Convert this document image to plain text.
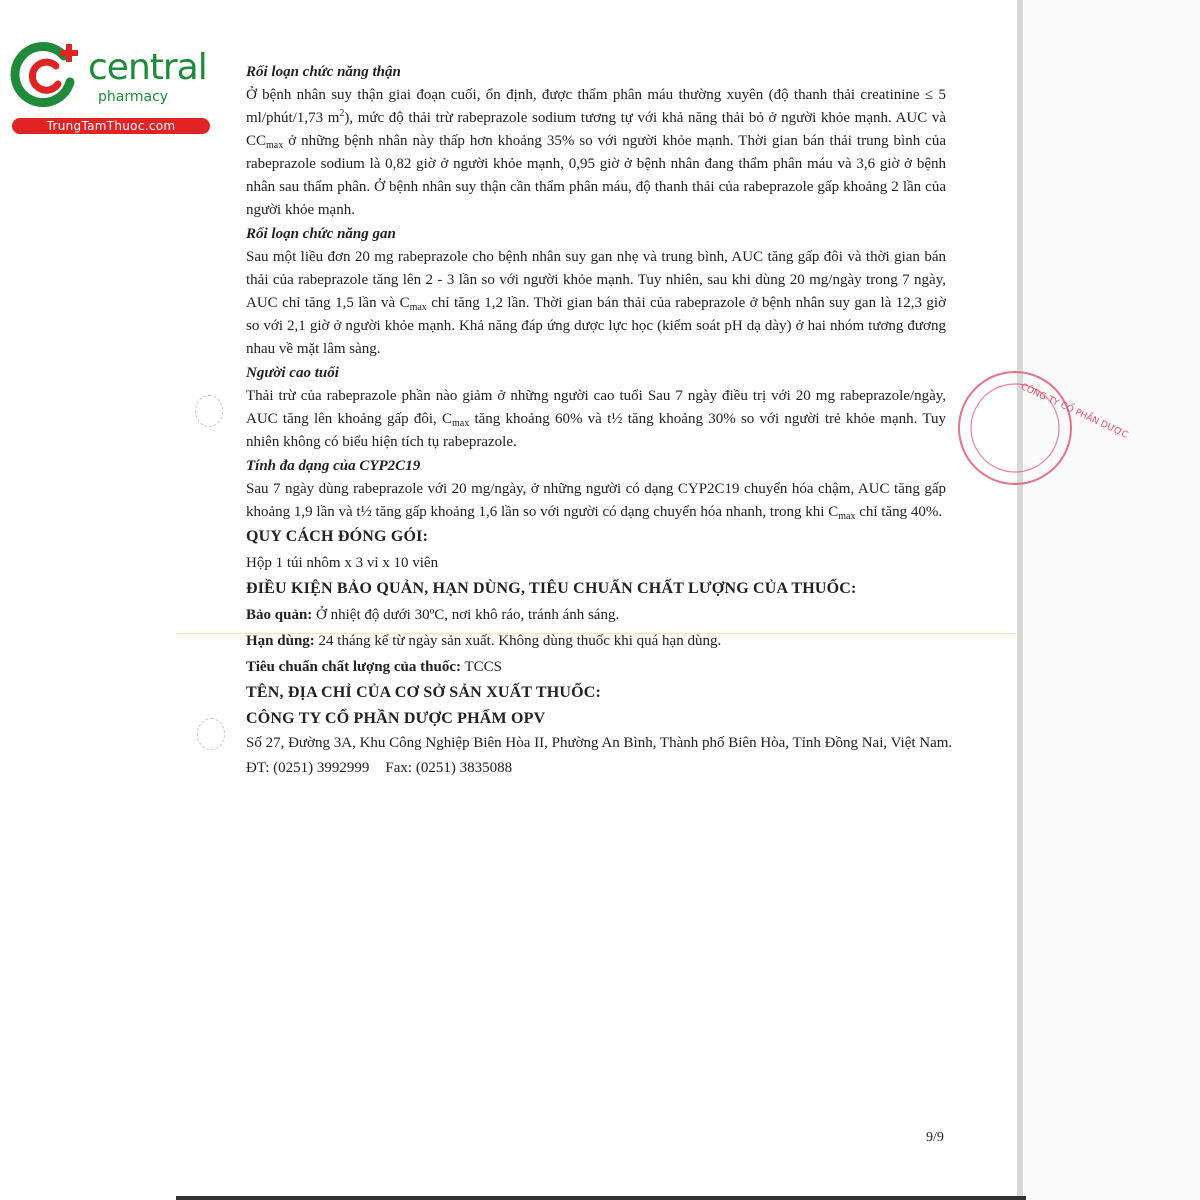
central
pharmacy
TrungTamThuoc.com
CÔNG TY CỔ PHẦN DƯỢC

Rối loạn chức năng thận

Ở bệnh nhân suy thận giai đoạn cuối, ổn định, được thẩm phân máu thường xuyên (độ thanh thải creatinine ≤ 5 ml/phút/1,73 $m^2$), mức độ thải trừ rabeprazole sodium tương tự với khả năng thải bỏ ở người khỏe mạnh. AUC và $CC_{max}$ ở những bệnh nhân này thấp hơn khoảng 35% so với người khỏe mạnh. Thời gian bán thải trung bình của rabeprazole sodium là 0,82 giờ ở người khỏe mạnh, 0,95 giờ ở bệnh nhân đang thẩm phân máu và 3,6 giờ ở bệnh nhân sau thẩm phân. Ở bệnh nhân suy thận cần thẩm phân máu, độ thanh thải của rabeprazole gấp khoảng 2 lần của người khỏe mạnh.

Rối loạn chức năng gan

Sau một liều đơn 20 mg rabeprazole cho bệnh nhân suy gan nhẹ và trung bình, AUC tăng gấp đôi và thời gian bán thải của rabeprazole tăng lên 2 - 3 lần so với người khỏe mạnh. Tuy nhiên, sau khi dùng 20 mg/ngày trong 7 ngày, AUC chỉ tăng 1,5 lần và $C_{max}$ chỉ tăng 1,2 lần. Thời gian bán thải của rabeprazole ở bệnh nhân suy gan là 12,3 giờ so với 2,1 giờ ở người khỏe mạnh. Khả năng đáp ứng dược lực học (kiểm soát pH dạ dày) ở hai nhóm tương đương nhau về mặt lâm sàng.

Người cao tuổi

Thải trừ của rabeprazole phần nào giảm ở những người cao tuổi Sau 7 ngày điều trị với 20 mg rabeprazole/ngày, AUC tăng lên khoảng gấp đôi, $C_{max}$ tăng khoảng 60% và t½ tăng khoảng 30% so với người trẻ khỏe mạnh. Tuy nhiên không có biểu hiện tích tụ rabeprazole.

Tính đa dạng của CYP2C19

Sau 7 ngày dùng rabeprazole với 20 mg/ngày, ở những người có dạng CYP2C19 chuyển hóa chậm, AUC tăng gấp khoảng 1,9 lần và t½ tăng gấp khoảng 1,6 lần so với người có dạng chuyển hóa nhanh, trong khi $C_{max}$ chỉ tăng 40%.

QUY CÁCH ĐÓNG GÓI:

Hộp 1 túi nhôm x 3 vỉ x 10 viên

ĐIỀU KIỆN BẢO QUẢN, HẠN DÙNG, TIÊU CHUẨN CHẤT LƯỢNG CỦA THUỐC:

Bảo quản: Ở nhiệt độ dưới 30ºC, nơi khô ráo, tránh ánh sáng.

Hạn dùng: 24 tháng kể từ ngày sản xuất. Không dùng thuốc khi quá hạn dùng.

Tiêu chuẩn chất lượng của thuốc: TCCS

TÊN, ĐỊA CHỈ CỦA CƠ SỞ SẢN XUẤT THUỐC:

CÔNG TY CỔ PHẦN DƯỢC PHẨM OPV

Số 27, Đường 3A, Khu Công Nghiệp Biên Hòa II, Phường An Bình, Thành phố Biên Hòa, Tỉnh Đồng Nai, Việt Nam.

ĐT: (0251) 3992999 Fax: (0251) 3835088

9/9
